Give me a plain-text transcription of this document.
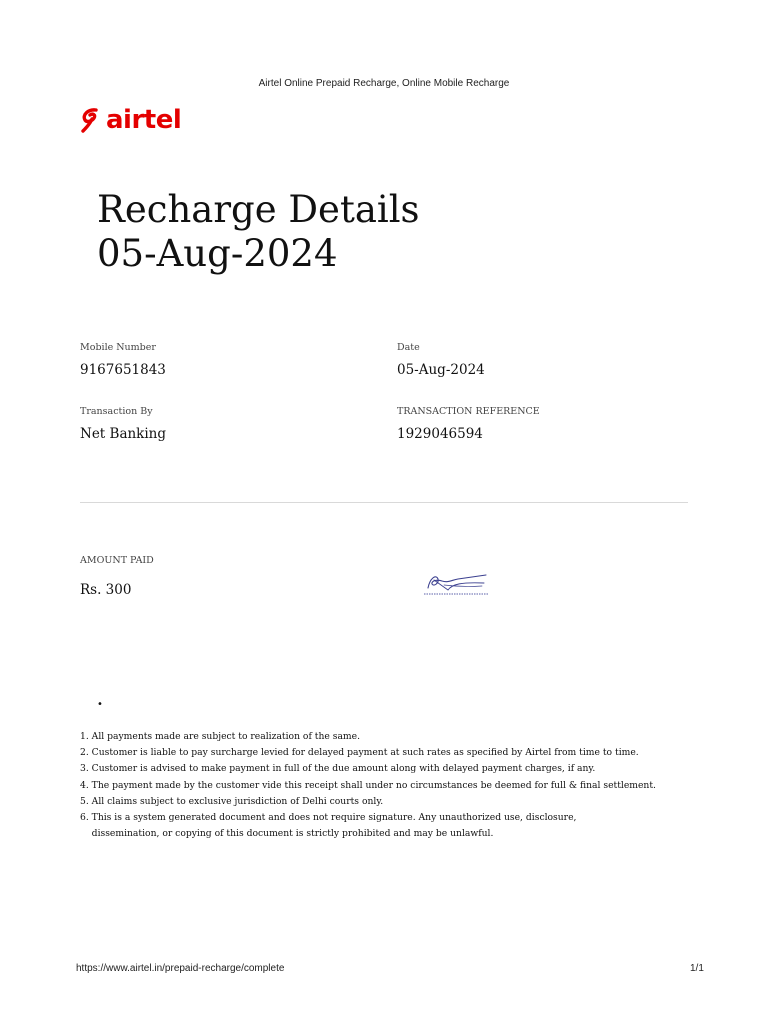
Airtel Online Prepaid Recharge, Online Mobile Recharge
airtel
Recharge Details
05-Aug-2024
Mobile Number
9167651843
Date
05-Aug-2024
Transaction By
Net Banking
TRANSACTION REFERENCE
1929046594
AMOUNT PAID
Rs. 300
•
1. All payments made are subject to realization of the same.
2. Customer is liable to pay surcharge levied for delayed payment at such rates as specified by Airtel from time to time.
3. Customer is advised to make payment in full of the due amount along with delayed payment charges, if any.
4. The payment made by the customer vide this receipt shall under no circumstances be deemed for full & final settlement.
5. All claims subject to exclusive jurisdiction of Delhi courts only.
6. This is a system generated document and does not require signature. Any unauthorized use, disclosure,
dissemination, or copying of this document is strictly prohibited and may be unlawful.
https://www.airtel.in/prepaid-recharge/complete	1/1
